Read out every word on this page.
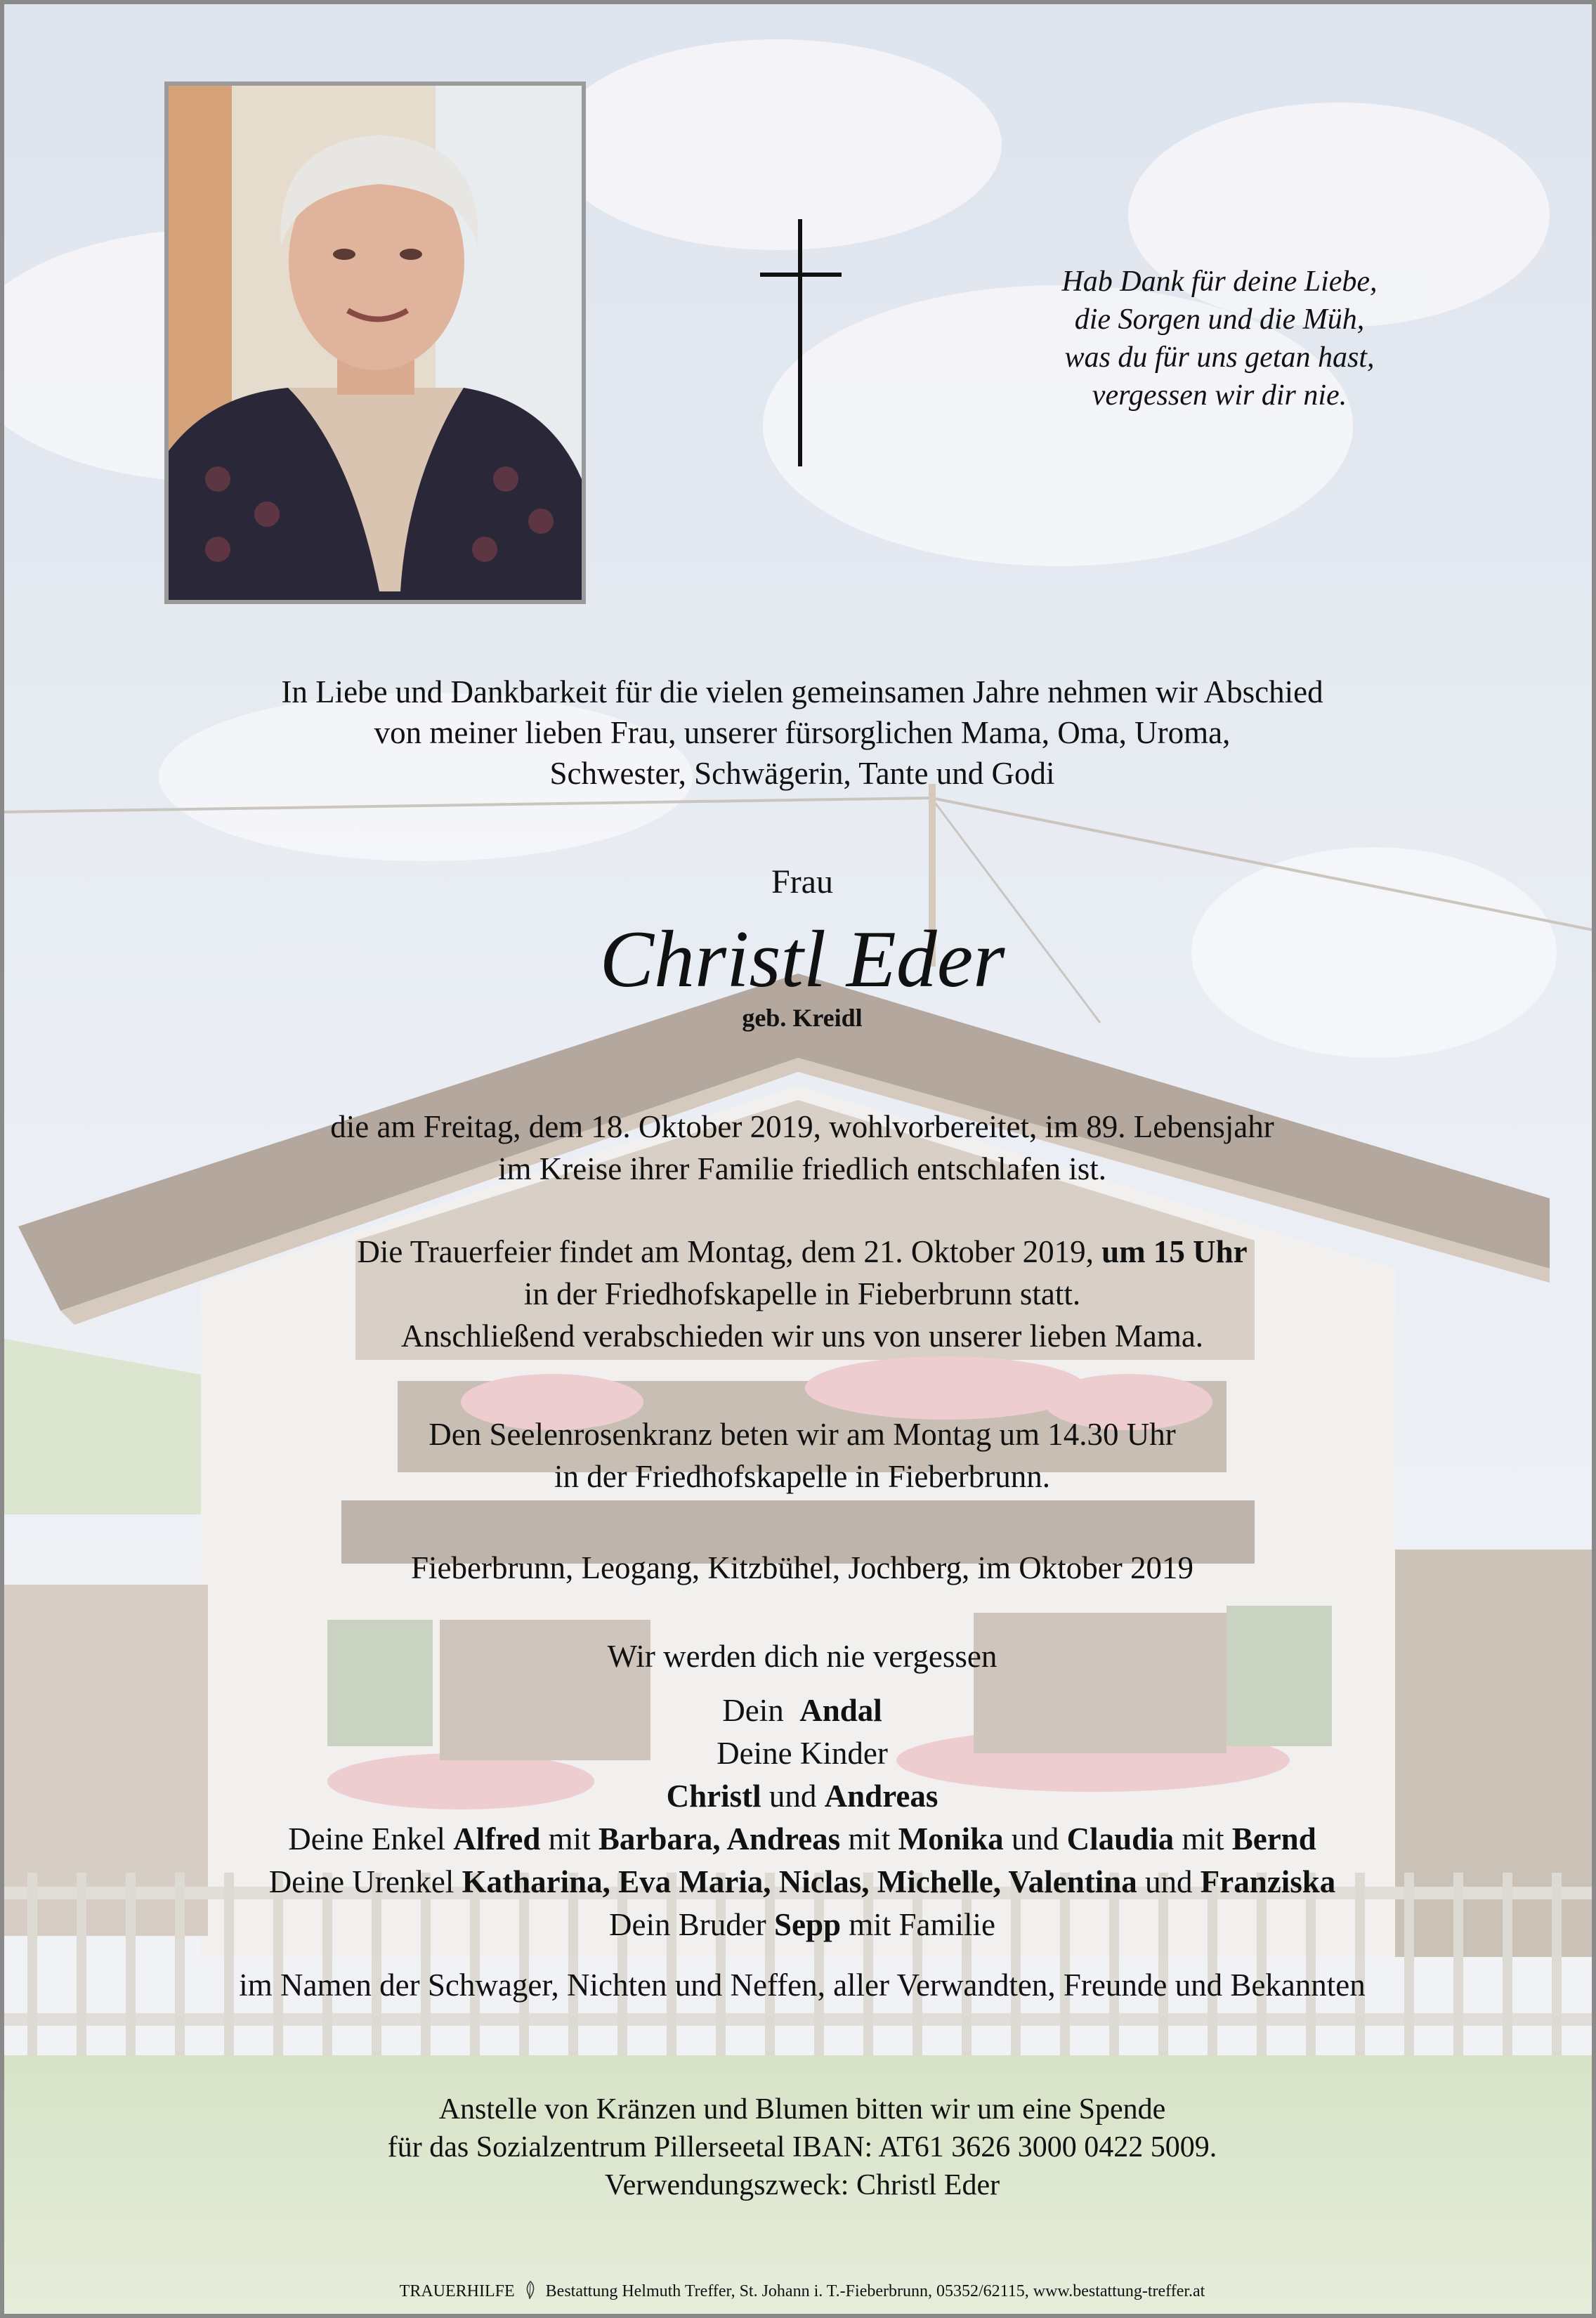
Hab Dank für deine Liebe,
die Sorgen und die Müh,
was du für uns getan hast,
vergessen wir dir nie.
In Liebe und Dankbarkeit für die vielen gemeinsamen Jahre nehmen wir Abschied
von meiner lieben Frau, unserer fürsorglichen Mama, Oma, Uroma,
Schwester, Schwägerin, Tante und Godi
Frau
Christl Eder
geb. Kreidl
die am Freitag, dem 18. Oktober 2019, wohlvorbereitet, im 89. Lebensjahr
im Kreise ihrer Familie friedlich entschlafen ist.
Die Trauerfeier findet am Montag, dem 21. Oktober 2019, um 15 Uhr
in der Friedhofskapelle in Fieberbrunn statt.
Anschließend verabschieden wir uns von unserer lieben Mama.
Den Seelenrosenkranz beten wir am Montag um 14.30 Uhr
in der Friedhofskapelle in Fieberbrunn.
Fieberbrunn, Leogang, Kitzbühel, Jochberg, im Oktober 2019
Wir werden dich nie vergessen
Dein Andal
Deine Kinder
Christl und Andreas
Deine Enkel Alfred mit Barbara, Andreas mit Monika und Claudia mit Bernd
Deine Urenkel Katharina, Eva Maria, Niclas, Michelle, Valentina und Franziska
Dein Bruder Sepp mit Familie
im Namen der Schwager, Nichten und Neffen, aller Verwandten, Freunde und Bekannten
Anstelle von Kränzen und Blumen bitten wir um eine Spende
für das Sozialzentrum Pillerseetal IBAN: AT61 3626 3000 0422 5009.
Verwendungszweck: Christl Eder
TRAUERHILFE Bestattung Helmuth Treffer, St. Johann i. T.-Fieberbrunn, 05352/62115, www.bestattung-treffer.at
